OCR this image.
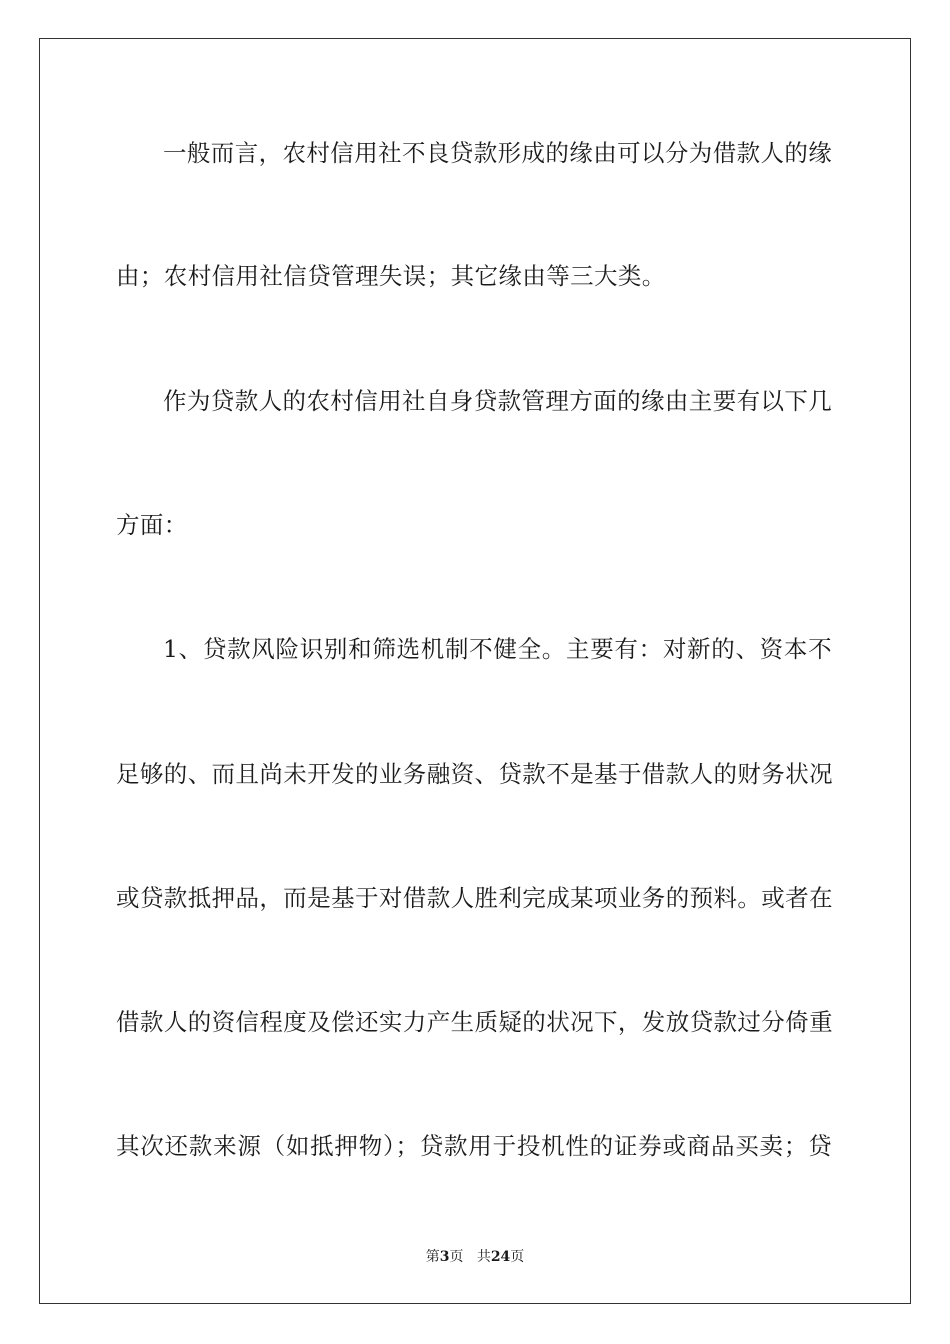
一般而言，农村信用社不良贷款形成的缘由可以分为借款人的缘
由；农村信用社信贷管理失误；其它缘由等三大类。
作为贷款人的农村信用社自身贷款管理方面的缘由主要有以下几
方面：
1、贷款风险识别和筛选机制不健全。主要有：对新的、资本不
足够的、而且尚未开发的业务融资、贷款不是基于借款人的财务状况
或贷款抵押品，而是基于对借款人胜利完成某项业务的预料。或者在
借款人的资信程度及偿还实力产生质疑的状况下，发放贷款过分倚重
其次还款来源（如抵押物）；贷款用于投机性的证券或商品买卖；贷
第3页 共24页
